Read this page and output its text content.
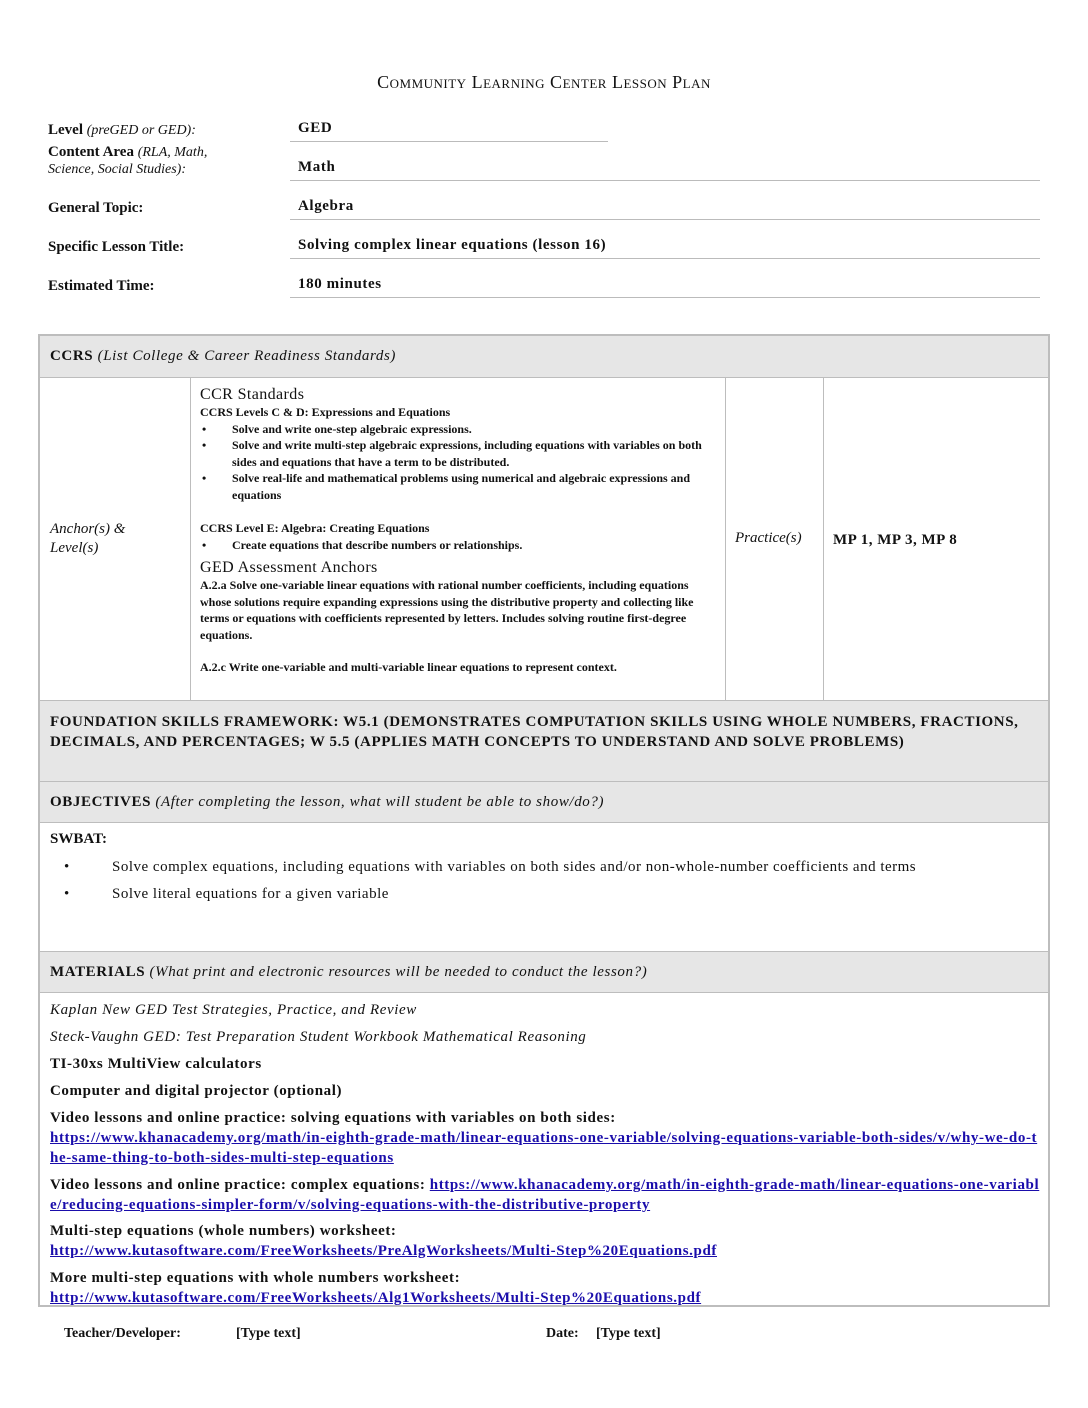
Community Learning Center Lesson Plan
Level (preGED or GED):	GED
Content Area (RLA, Math,
Science, Social Studies):	Math
General Topic:	Algebra
Specific Lesson Title:	Solving complex linear equations (lesson 16)
Estimated Time:	180 minutes
CCRS (List College & Career Readiness Standards)
Anchor(s) &
Level(s)
CCR Standards
CCRS Levels C & D: Expressions and Equations
• Solve and write one-step algebraic expressions.
• Solve and write multi-step algebraic expressions, including equations with variables on both sides and equations that have a term to be distributed.
• Solve real-life and mathematical problems using numerical and algebraic expressions and equations
CCRS Level E: Algebra: Creating Equations
• Create equations that describe numbers or relationships.
GED Assessment Anchors
A.2.a Solve one-variable linear equations with rational number coefficients, including equations whose solutions require expanding expressions using the distributive property and collecting like terms or equations with coefficients represented by letters. Includes solving routine first-degree equations.
A.2.c Write one-variable and multi-variable linear equations to represent context.
Practice(s) MP 1, MP 3, MP 8
FOUNDATION SKILLS FRAMEWORK: W5.1 (DEMONSTRATES COMPUTATION SKILLS USING WHOLE NUMBERS, FRACTIONS, DECIMALS, AND PERCENTAGES; W 5.5 (APPLIES MATH CONCEPTS TO UNDERSTAND AND SOLVE PROBLEMS)
OBJECTIVES (After completing the lesson, what will student be able to show/do?)
SWBAT:
•	Solve complex equations, including equations with variables on both sides and/or non-whole-number coefficients and terms
•	Solve literal equations for a given variable
MATERIALS (What print and electronic resources will be needed to conduct the lesson?)
Kaplan New GED Test Strategies, Practice, and Review
Steck-Vaughn GED: Test Preparation Student Workbook Mathematical Reasoning
TI-30xs MultiView calculators
Computer and digital projector (optional)
Video lessons and online practice: solving equations with variables on both sides:
https://www.khanacademy.org/math/in-eighth-grade-math/linear-equations-one-variable/solving-equations-variable-both-sides/v/why-we-do-the-same-thing-to-both-sides-multi-step-equations
Video lessons and online practice: complex equations: https://www.khanacademy.org/math/in-eighth-grade-math/linear-equations-one-variable/reducing-equations-simpler-form/v/solving-equations-with-the-distributive-property
Multi-step equations (whole numbers) worksheet:
http://www.kutasoftware.com/FreeWorksheets/PreAlgWorksheets/Multi-Step%20Equations.pdf
More multi-step equations with whole numbers worksheet:
http://www.kutasoftware.com/FreeWorksheets/Alg1Worksheets/Multi-Step%20Equations.pdf
Teacher/Developer:	[Type text]	Date: [Type text]
